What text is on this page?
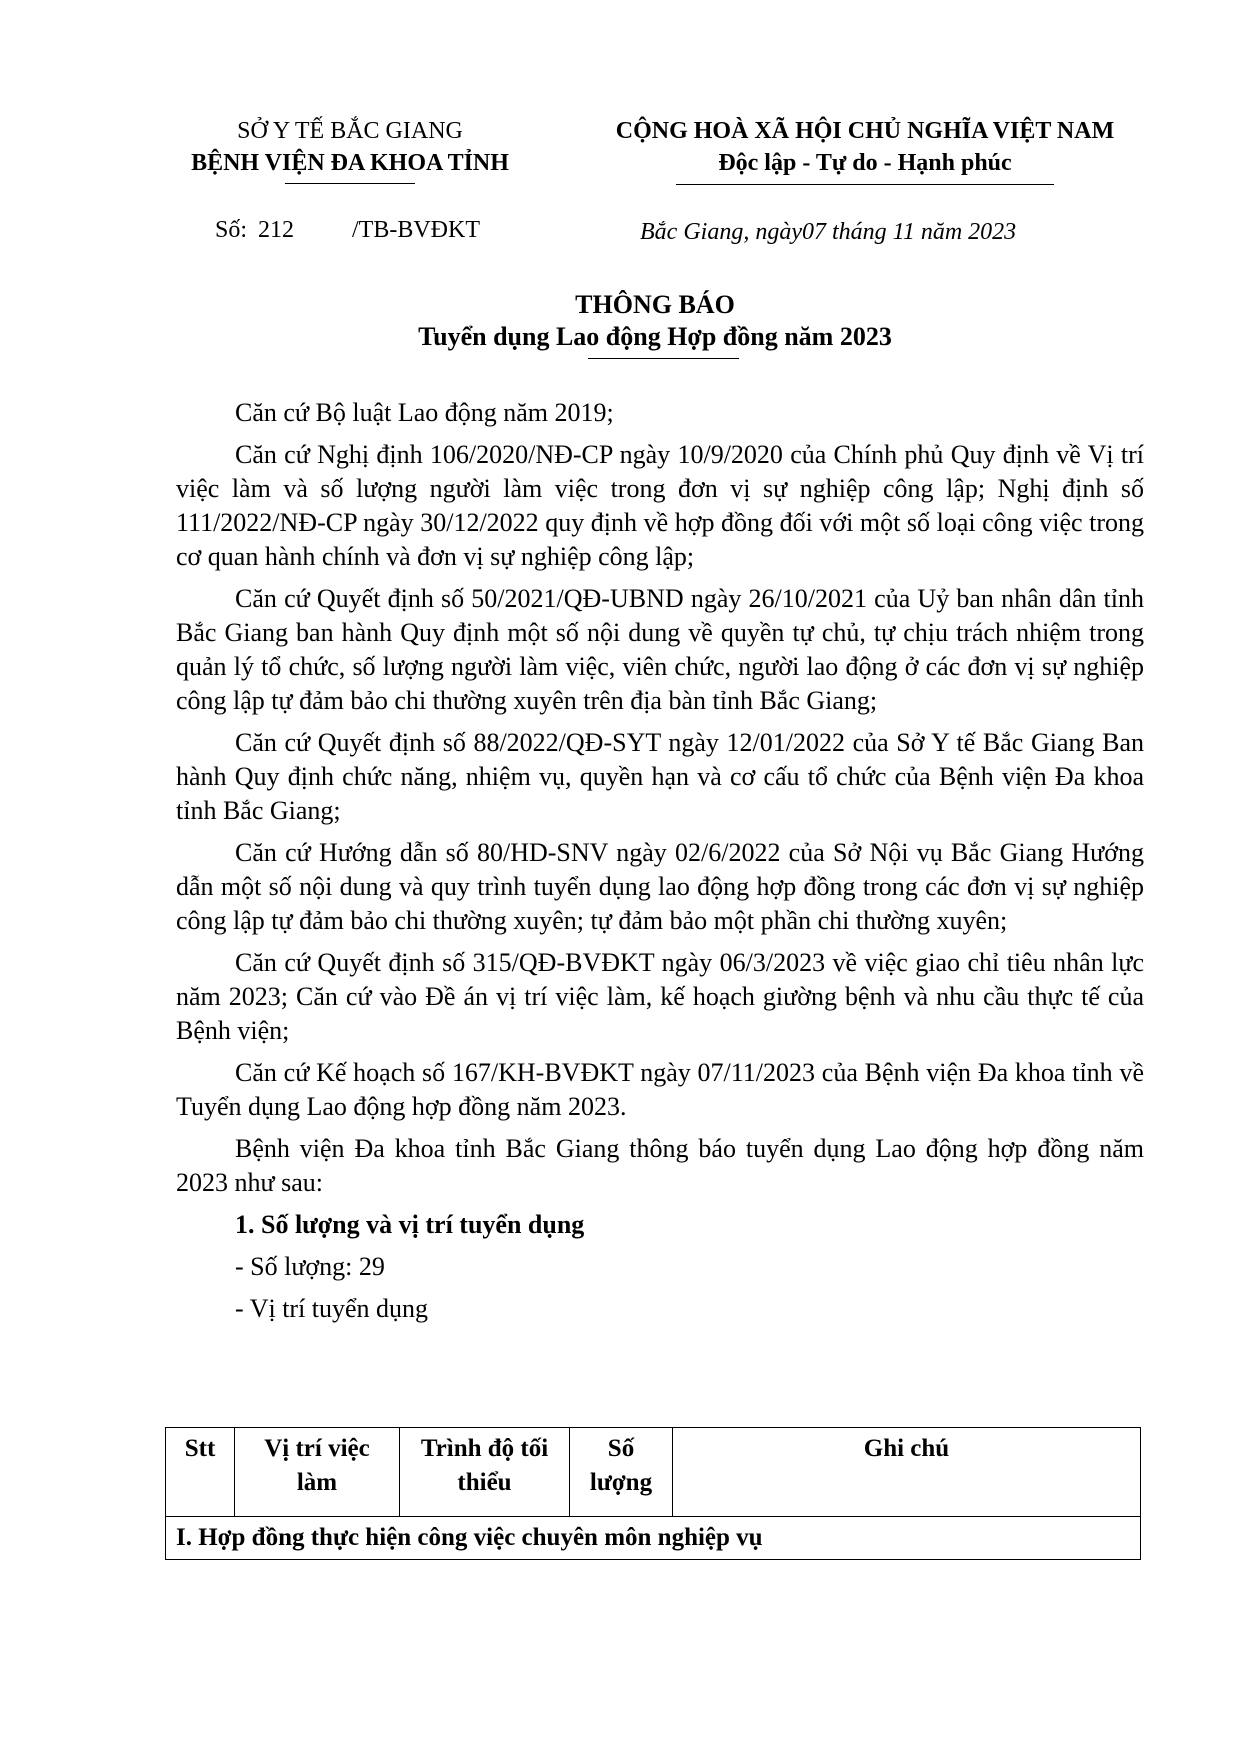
SỞ Y TẾ BẮC GIANG
BỆNH VIỆN ĐA KHOA TỈNH
CỘNG HOÀ XÃ HỘI CHỦ NGHĨA VIỆT NAM
Độc lập - Tự do - Hạnh phúc
Số: 212 /TB-BVĐKT	Bắc Giang, ngày07 tháng 11 năm 2023
THÔNG BÁO
Tuyển dụng Lao động Hợp đồng năm 2023

Căn cứ Bộ luật Lao động năm 2019;

Căn cứ Nghị định 106/2020/NĐ-CP ngày 10/9/2020 của Chính phủ Quy định về Vị trí việc làm và số lượng người làm việc trong đơn vị sự nghiệp công lập; Nghị định số 111/2022/NĐ-CP ngày 30/12/2022 quy định về hợp đồng đối với một số loại công việc trong cơ quan hành chính và đơn vị sự nghiệp công lập;

Căn cứ Quyết định số 50/2021/QĐ-UBND ngày 26/10/2021 của Uỷ ban nhân dân tỉnh Bắc Giang ban hành Quy định một số nội dung về quyền tự chủ, tự chịu trách nhiệm trong quản lý tổ chức, số lượng người làm việc, viên chức, người lao động ở các đơn vị sự nghiệp công lập tự đảm bảo chi thường xuyên trên địa bàn tỉnh Bắc Giang;

Căn cứ Quyết định số 88/2022/QĐ-SYT ngày 12/01/2022 của Sở Y tế Bắc Giang Ban hành Quy định chức năng, nhiệm vụ, quyền hạn và cơ cấu tổ chức của Bệnh viện Đa khoa tỉnh Bắc Giang;

Căn cứ Hướng dẫn số 80/HD-SNV ngày 02/6/2022 của Sở Nội vụ Bắc Giang Hướng dẫn một số nội dung và quy trình tuyển dụng lao động hợp đồng trong các đơn vị sự nghiệp công lập tự đảm bảo chi thường xuyên; tự đảm bảo một phần chi thường xuyên;

Căn cứ Quyết định số 315/QĐ-BVĐKT ngày 06/3/2023 về việc giao chỉ tiêu nhân lực năm 2023; Căn cứ vào Đề án vị trí việc làm, kế hoạch giường bệnh và nhu cầu thực tế của Bệnh viện;

Căn cứ Kế hoạch số 167/KH-BVĐKT ngày 07/11/2023 của Bệnh viện Đa khoa tỉnh về Tuyển dụng Lao động hợp đồng năm 2023.

Bệnh viện Đa khoa tỉnh Bắc Giang thông báo tuyển dụng Lao động hợp đồng năm 2023 như sau:

1. Số lượng và vị trí tuyển dụng

- Số lượng: 29

- Vị trí tuyển dụng

Stt	Vị trí việc làm	Trình độ tối thiểu	Số lượng	Ghi chú
I. Hợp đồng thực hiện công việc chuyên môn nghiệp vụ
